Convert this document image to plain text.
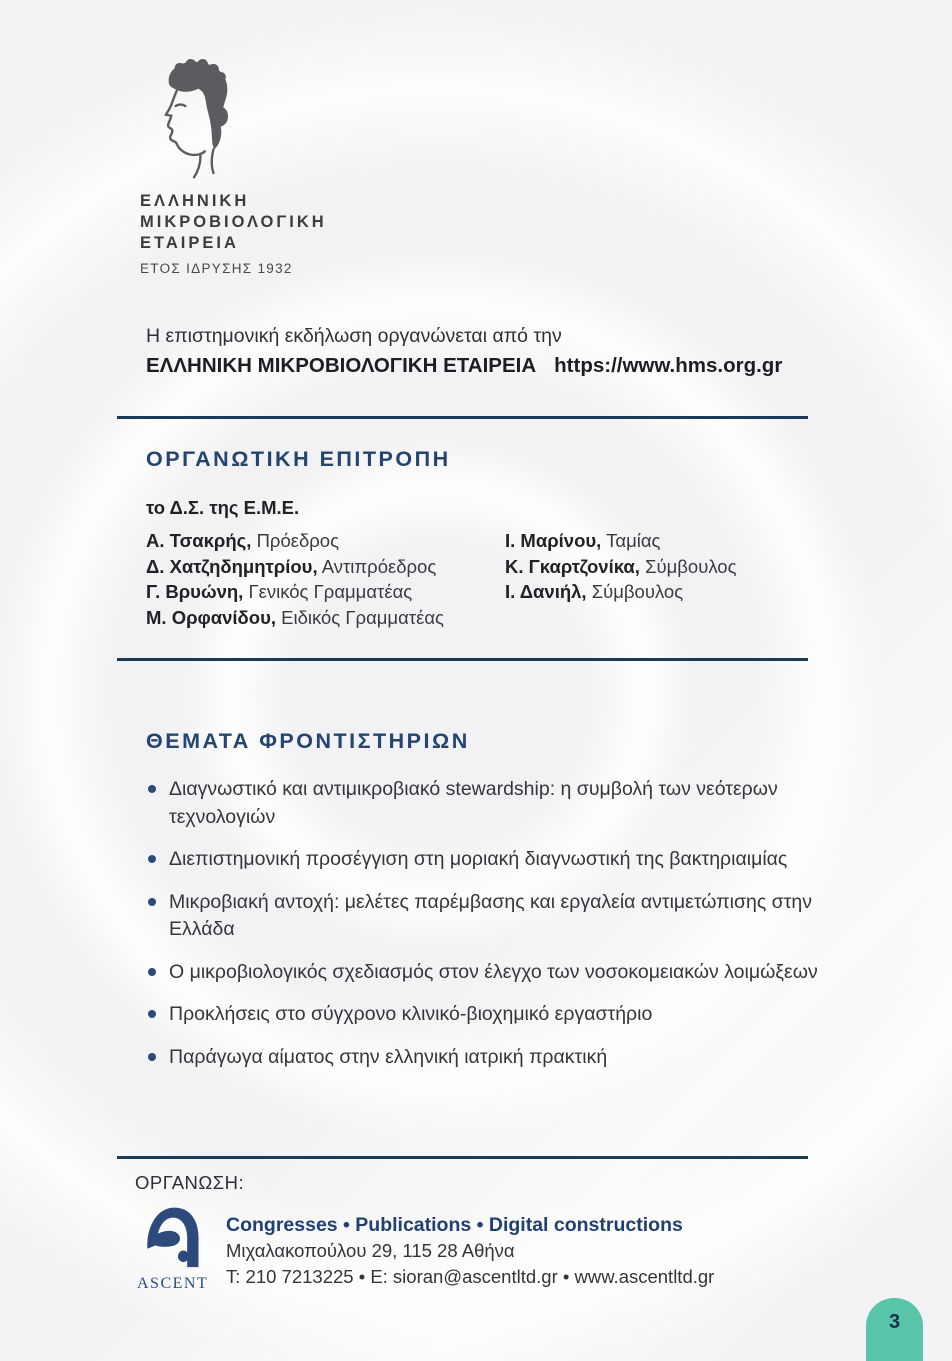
ΕΛΛΗΝΙΚΗ
ΜΙΚΡΟΒΙΟΛΟΓΙΚΗ
ΕΤΑΙΡΕΙΑ
ΕΤΟΣ ΙΔΡΥΣΗΣ 1932
Η επιστημονική εκδήλωση οργανώνεται από την
ΕΛΛΗΝΙΚΗ ΜΙΚΡΟΒΙΟΛΟΓΙΚΗ ΕΤΑΙΡΕΙΑ https://www.hms.org.gr
ΟΡΓΑΝΩΤΙΚΗ ΕΠΙΤΡΟΠΗ
το Δ.Σ. της Ε.Μ.Ε.
Α. Τσακρής, Πρόεδρος
Δ. Χατζηδημητρίου, Αντιπρόεδρος
Γ. Βρυώνη, Γενικός Γραμματέας
Μ. Ορφανίδου, Ειδικός Γραμματέας
Ι. Μαρίνου, Ταμίας
Κ. Γκαρτζονίκα, Σύμβουλος
Ι. Δανιήλ, Σύμβουλος
ΘΕΜΑΤΑ ΦΡΟΝΤΙΣΤΗΡΙΩΝ
Διαγνωστικό και αντιμικροβιακό stewardship: η συμβολή των νεότερων τεχνολογιών
Διεπιστημονική προσέγγιση στη μοριακή διαγνωστική της βακτηριαιμίας
Μικροβιακή αντοχή: μελέτες παρέμβασης και εργαλεία αντιμετώπισης στην Ελλάδα
Ο μικροβιολογικός σχεδιασμός στον έλεγχο των νοσοκομειακών λοιμώξεων
Προκλήσεις στο σύγχρονο κλινικό-βιοχημικό εργαστήριο
Παράγωγα αίματος στην ελληνική ιατρική πρακτική
ΟΡΓΑΝΩΣΗ:
ASCENT
Congresses • Publications • Digital constructions
Μιχαλακοπούλου 29, 115 28 Αθήνα
T: 210 7213225 • E: sioran@ascentltd.gr • www.ascentltd.gr
3
